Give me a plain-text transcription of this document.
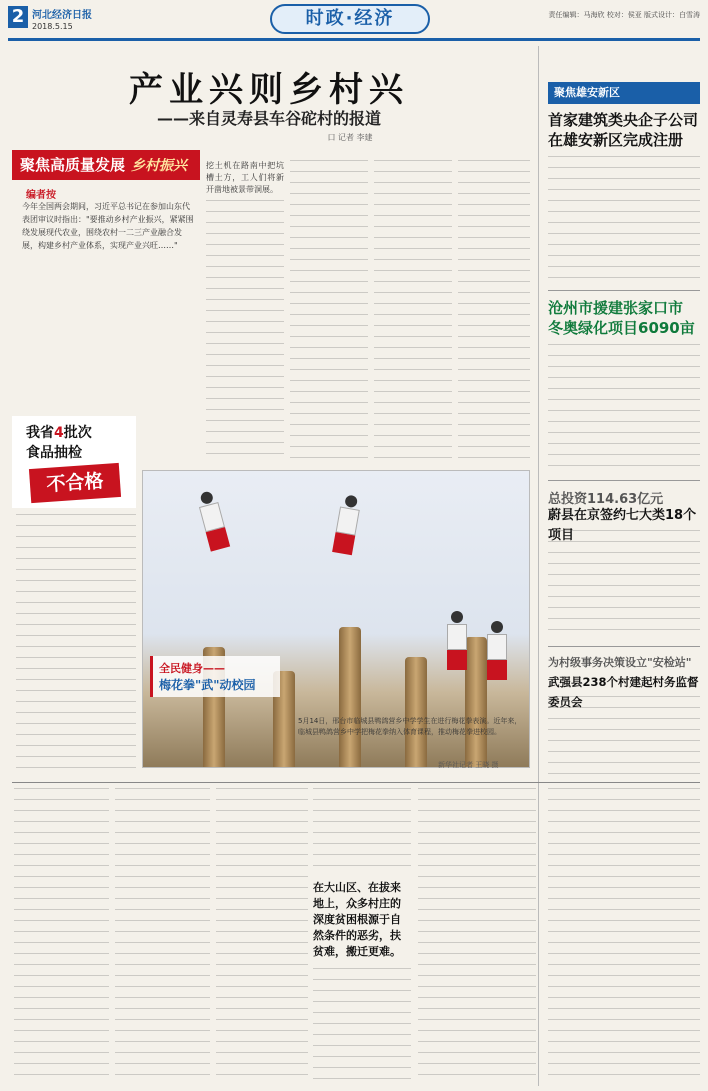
2 河北经济日报
2018.5.15	时政·经济	责任编辑：马海欣 校对：侯亚 版式设计：白雪涛
产业兴则乡村兴
——来自灵寿县车谷砣村的报道
口 记者 李建
聚焦高质量发展 乡村振兴
编者按
今年全国两会期间，习近平总书记在参加山东代表团审议时指出："要推动乡村产业振兴，紧紧围绕发展现代农业，围绕农村一二三产业融合发展，构建乡村产业体系，实现产业兴旺……"
挖土机在路南中把坑槽土方，工人们将新开凿地被景带洞展。
我省4批次
食品抽检
不合格
全民健身——
梅花拳"武"动校园
5月14日，邢台市临城县鸭鸽营乡中学学生在进行梅花拳表演。近年来，临城县鸭鸽营乡中学把梅花拳纳入体育课程，推动梅花拳进校园。
新华社记者 王晓 摄
聚焦雄安新区
首家建筑类央企子公司
在雄安新区完成注册
沧州市援建张家口市
冬奥绿化项目6090亩
总投资114.63亿元
蔚县在京签约七大类18个项目
为村级事务决策设立"安检站"
武强县238个村建起村务监督委员会
在大山区、在拔来地上，众多村庄的深度贫困根源于自然条件的恶劣，扶贫难，搬迁更难。
